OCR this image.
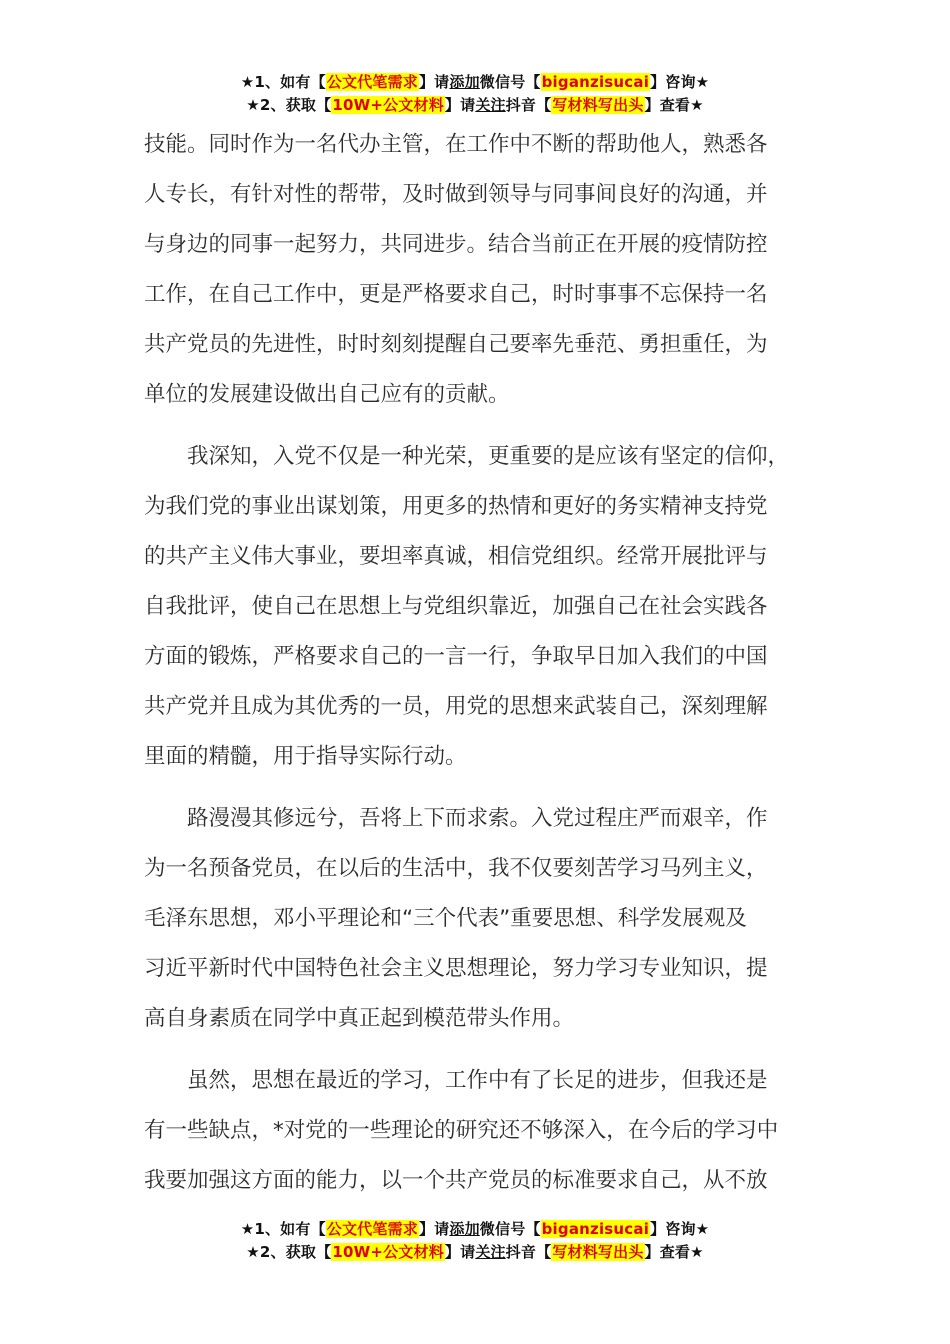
★1、如有【公文代笔需求】请添加微信号【biganzisucai】咨询★
★2、获取【10W+公文材料】请关注抖音【写材料写出头】查看★
技能。同时作为一名代办主管，在工作中不断的帮助他人，熟悉各
人专长，有针对性的帮带，及时做到领导与同事间良好的沟通，并
与身边的同事一起努力，共同进步。结合当前正在开展的疫情防控
工作，在自己工作中，更是严格要求自己，时时事事不忘保持一名
共产党员的先进性，时时刻刻提醒自己要率先垂范、勇担重任，为
单位的发展建设做出自己应有的贡献。
　　我深知，入党不仅是一种光荣，更重要的是应该有坚定的信仰，
为我们党的事业出谋划策，用更多的热情和更好的务实精神支持党
的共产主义伟大事业，要坦率真诚，相信党组织。经常开展批评与
自我批评，使自己在思想上与党组织靠近，加强自己在社会实践各
方面的锻炼，严格要求自己的一言一行，争取早日加入我们的中国
共产党并且成为其优秀的一员，用党的思想来武装自己，深刻理解
里面的精髓，用于指导实际行动。
　　路漫漫其修远兮，吾将上下而求索。入党过程庄严而艰辛，作
为一名预备党员，在以后的生活中，我不仅要刻苦学习马列主义，
毛泽东思想，邓小平理论和“三个代表”重要思想、科学发展观及
习近平新时代中国特色社会主义思想理论，努力学习专业知识，提
高自身素质在同学中真正起到模范带头作用。
　　虽然，思想在最近的学习，工作中有了长足的进步，但我还是
有一些缺点，*对党的一些理论的研究还不够深入，在今后的学习中
我要加强这方面的能力，以一个共产党员的标准要求自己，从不放
★1、如有【公文代笔需求】请添加微信号【biganzisucai】咨询★
★2、获取【10W+公文材料】请关注抖音【写材料写出头】查看★
